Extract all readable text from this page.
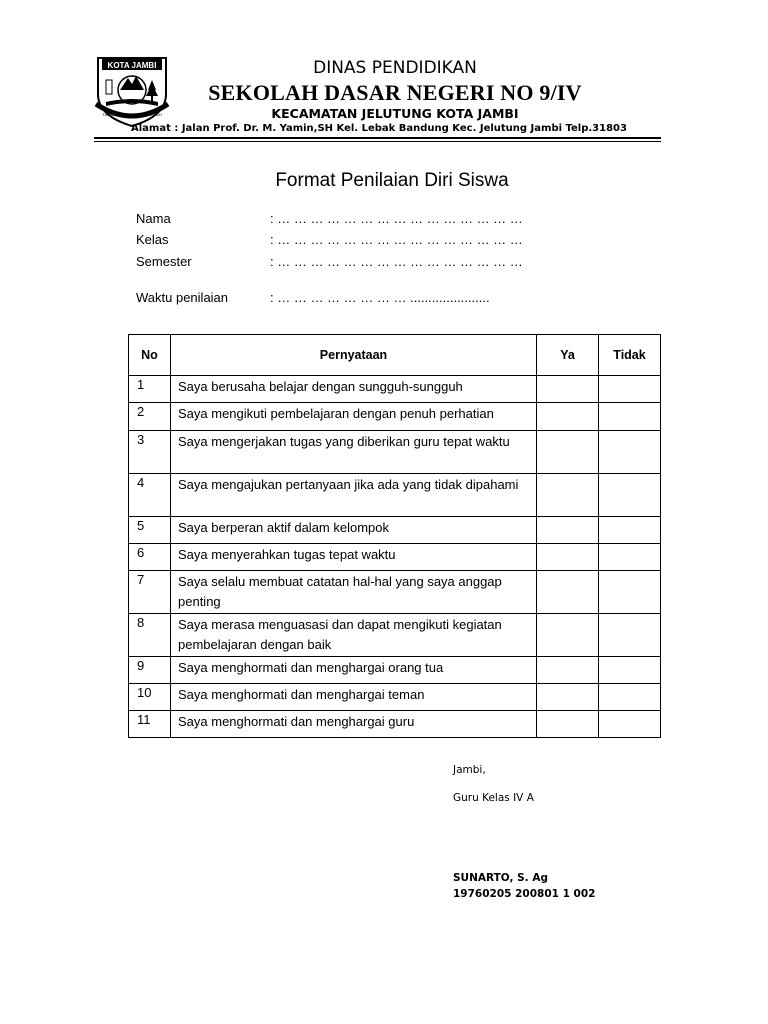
KOTA JAMBI
TANAH PILIH PESAKO BETUAH
DINAS PENDIDIKAN
SEKOLAH DASAR NEGERI NO 9/IV
KECAMATAN JELUTUNG KOTA JAMBI
Alamat : Jalan Prof. Dr. M. Yamin,SH Kel. Lebak Bandung Kec. Jelutung Jambi Telp.31803
Format Penilaian Diri Siswa
Nama	: … … … … … … … … … … … … … … …
Kelas	: … … … … … … … … … … … … … … …
Semester	: … … … … … … … … … … … … … … …
Waktu penilaian	: … … … … … … … … ......................
No	Pernyataan	Ya	Tidak
1	Saya berusaha belajar dengan sungguh-sungguh		
2	Saya mengikuti pembelajaran dengan penuh perhatian		
3	Saya mengerjakan tugas yang diberikan guru tepat waktu		
4	Saya mengajukan pertanyaan jika ada yang tidak dipahami		
5	Saya berperan aktif dalam kelompok		
6	Saya menyerahkan tugas tepat waktu		
7	Saya selalu membuat catatan hal-hal yang saya anggap penting		
8	Saya merasa menguasasi dan dapat mengikuti kegiatan pembelajaran dengan baik		
9	Saya menghormati dan menghargai orang tua		
10	Saya menghormati dan menghargai teman		
11	Saya menghormati dan menghargai guru		
Jambi,
Guru Kelas IV A
SUNARTO, S. Ag
19760205 200801 1 002
